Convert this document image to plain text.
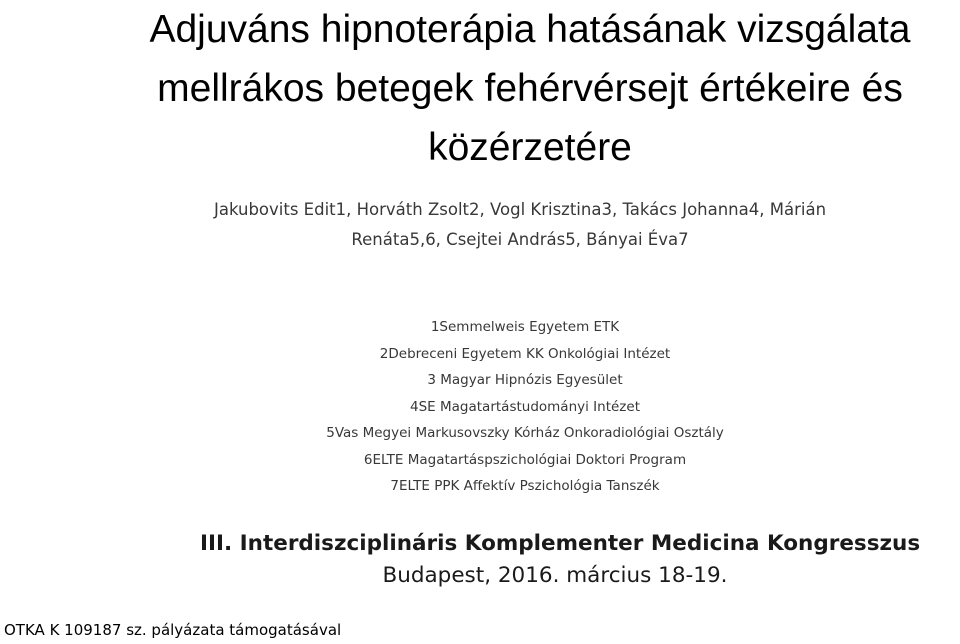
Adjuváns hipnoterápia hatásának vizsgálata mellrákos betegek fehérvérsejt értékeire és közérzetére
Jakubovits Edit1, Horváth Zsolt2, Vogl Krisztina3, Takács Johanna4, Márián
Renáta5,6, Csejtei András5, Bányai Éva7
1Semmelweis Egyetem ETK
2Debreceni Egyetem KK Onkológiai Intézet
3 Magyar Hipnózis Egyesület
4SE Magatartástudományi Intézet
5Vas Megyei Markusovszky Kórház Onkoradiológiai Osztály
6ELTE Magatartáspszichológiai Doktori Program
7ELTE PPK Affektív Pszichológia Tanszék
III. Interdiszciplináris Komplementer Medicina Kongresszus
Budapest, 2016. március 18-19.
OTKA K 109187 sz. pályázata támogatásával
